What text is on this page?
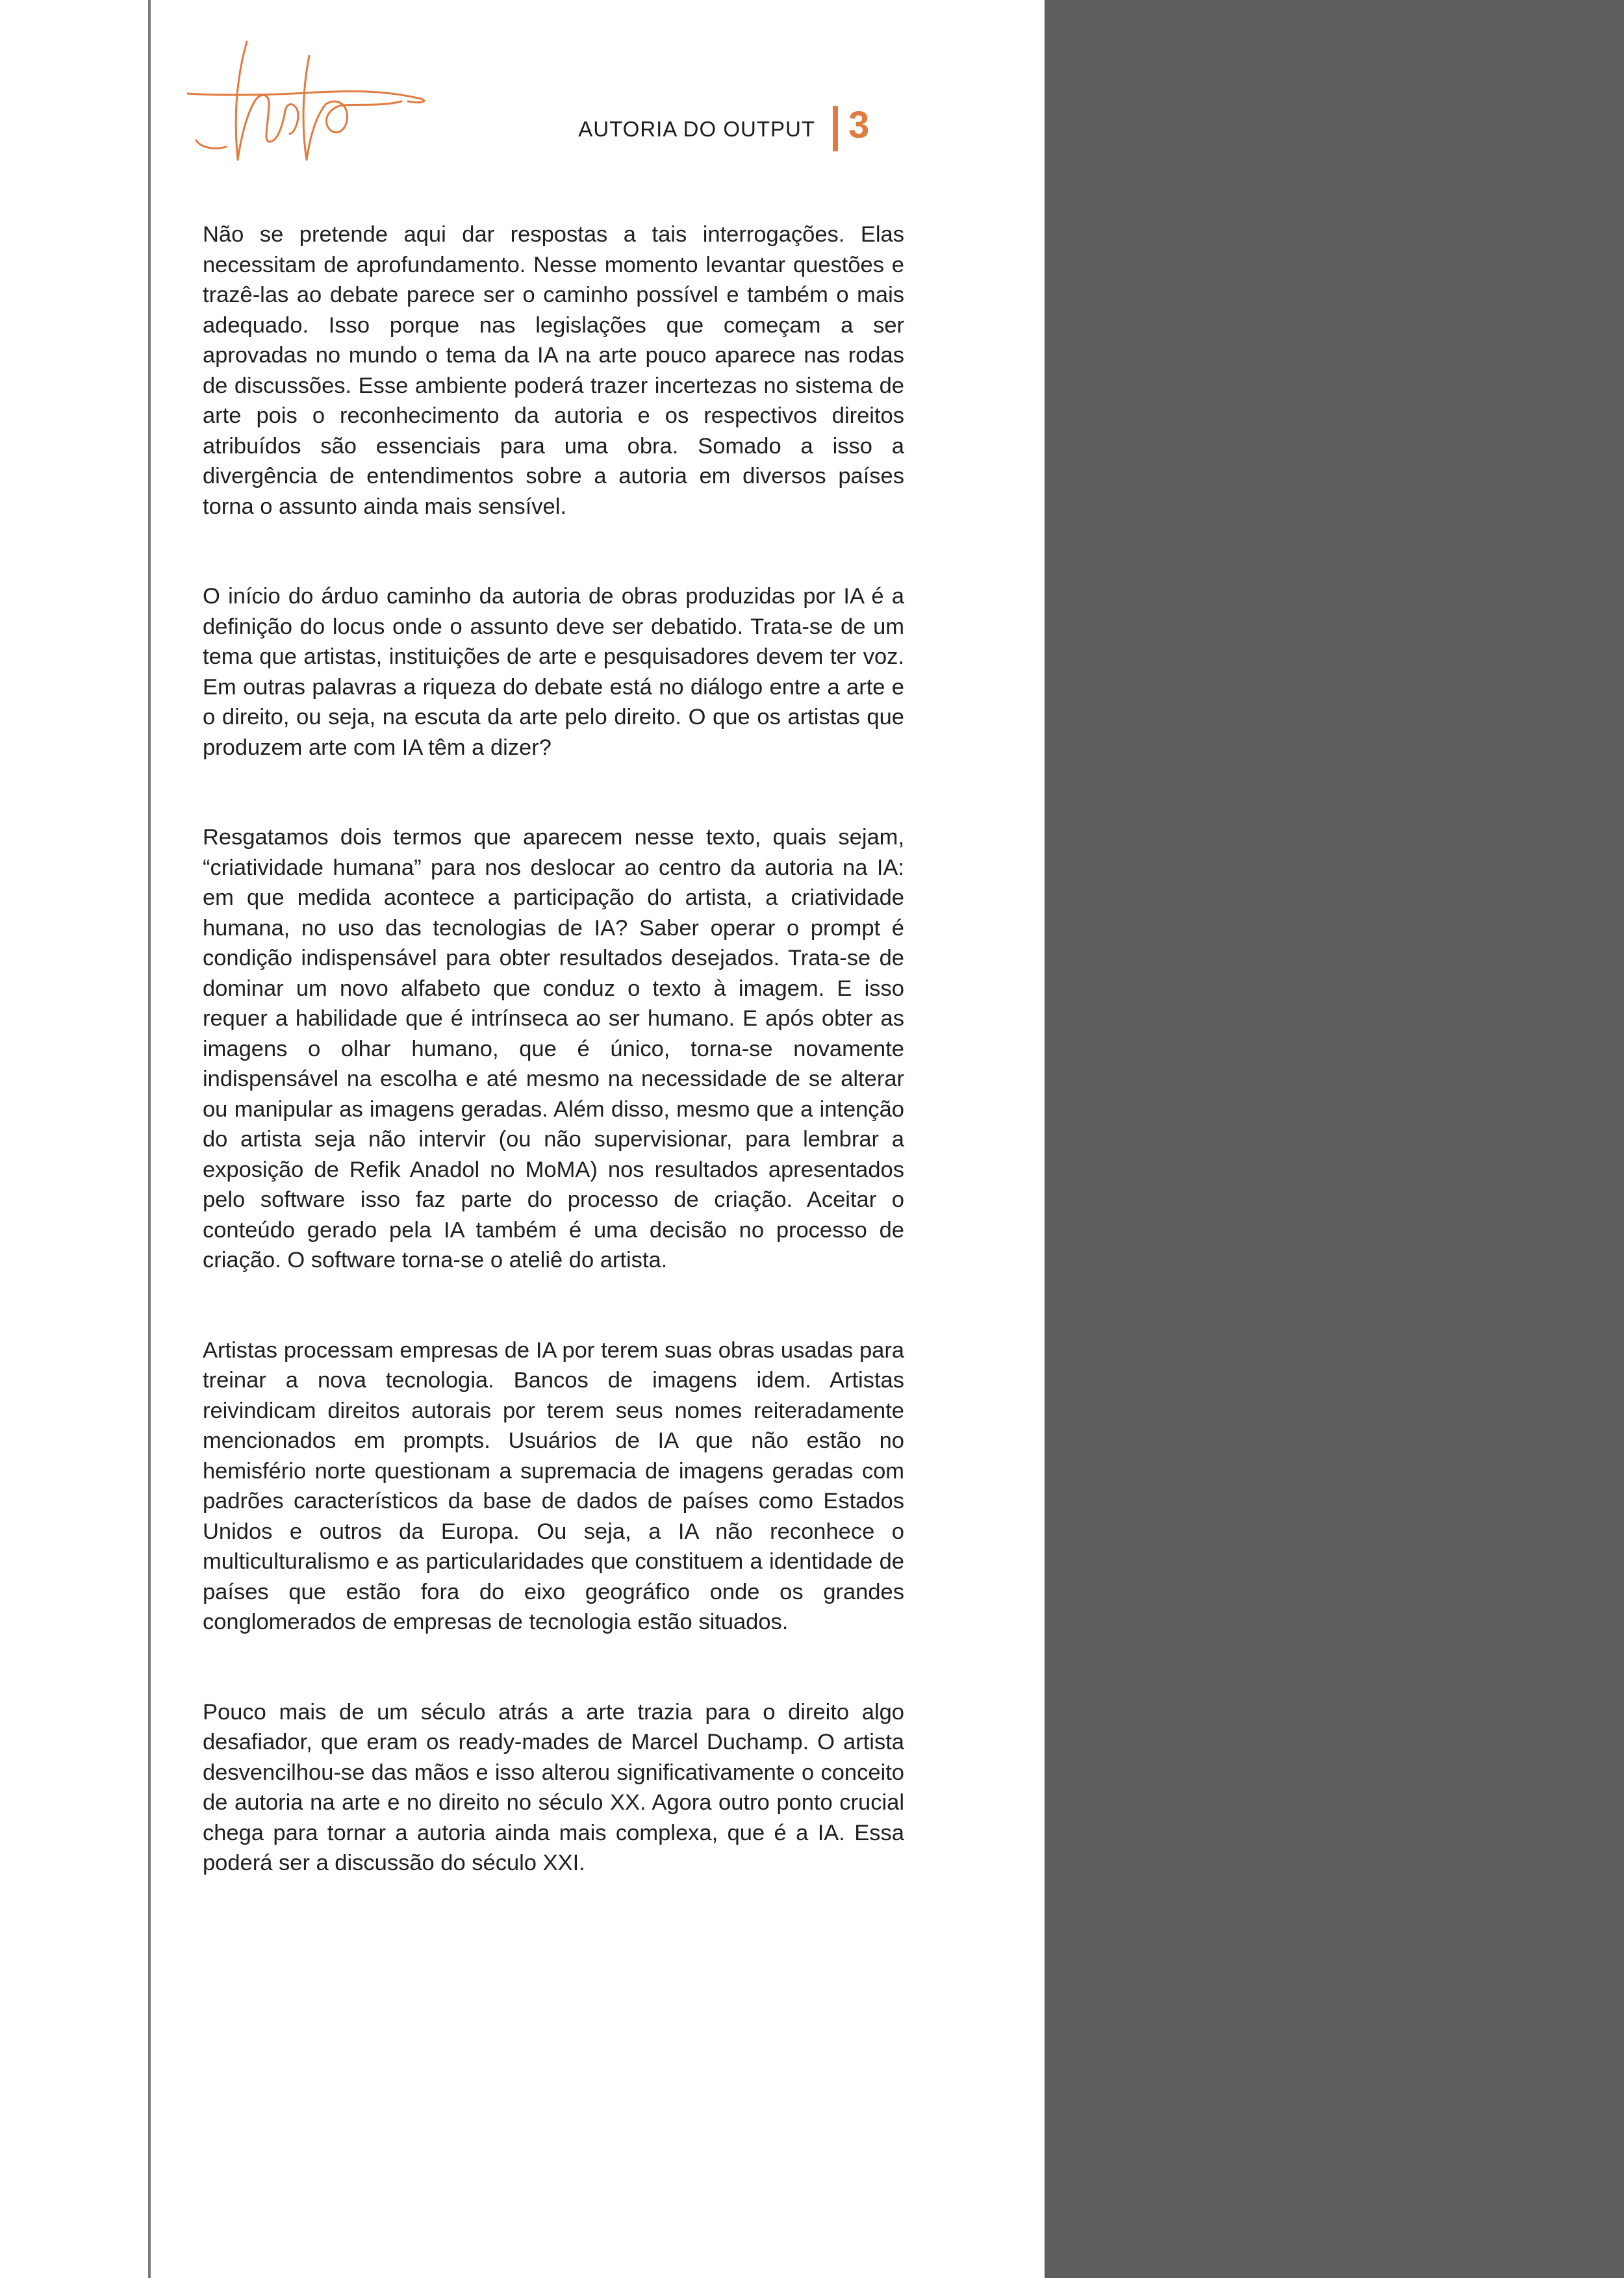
AUTORIA DO OUTPUT 3

Não se pretende aqui dar respostas a tais interrogações. Elas necessitam de aprofundamento. Nesse momento levantar questões e trazê-las ao debate parece ser o caminho possível e também o mais adequado. Isso porque nas legislações que começam a ser aprovadas no mundo o tema da IA na arte pouco aparece nas rodas de discussões. Esse ambiente poderá trazer incertezas no sistema de arte pois o reconhecimento da autoria e os respectivos direitos atribuídos são essenciais para uma obra. Somado a isso a divergência de entendimentos sobre a autoria em diversos países torna o assunto ainda mais sensível.

O início do árduo caminho da autoria de obras produzidas por IA é a definição do locus onde o assunto deve ser debatido. Trata-se de um tema que artistas, instituições de arte e pesquisadores devem ter voz. Em outras palavras a riqueza do debate está no diálogo entre a arte e o direito, ou seja, na escuta da arte pelo direito. O que os artistas que produzem arte com IA têm a dizer?

Resgatamos dois termos que aparecem nesse texto, quais sejam, “criatividade humana” para nos deslocar ao centro da autoria na IA: em que medida acontece a participação do artista, a criatividade humana, no uso das tecnologias de IA? Saber operar o prompt é condição indispensável para obter resultados desejados. Trata-se de dominar um novo alfabeto que conduz o texto à imagem. E isso requer a habilidade que é intrínseca ao ser humano. E após obter as imagens o olhar humano, que é único, torna-se novamente indispensável na escolha e até mesmo na necessidade de se alterar ou manipular as imagens geradas. Além disso, mesmo que a intenção do artista seja não intervir (ou não supervisionar, para lembrar a exposição de Refik Anadol no MoMA) nos resultados apresentados pelo software isso faz parte do processo de criação. Aceitar o conteúdo gerado pela IA também é uma decisão no processo de criação. O software torna-se o ateliê do artista.

Artistas processam empresas de IA por terem suas obras usadas para treinar a nova tecnologia. Bancos de imagens idem. Artistas reivindicam direitos autorais por terem seus nomes reiteradamente mencionados em prompts. Usuários de IA que não estão no hemisfério norte questionam a supremacia de imagens geradas com padrões característicos da base de dados de países como Estados Unidos e outros da Europa. Ou seja, a IA não reconhece o multiculturalismo e as particularidades que constituem a identidade de países que estão fora do eixo geográfico onde os grandes conglomerados de empresas de tecnologia estão situados.

Pouco mais de um século atrás a arte trazia para o direito algo desafiador, que eram os ready-mades de Marcel Duchamp. O artista desvencilhou-se das mãos e isso alterou significativamente o conceito de autoria na arte e no direito no século XX. Agora outro ponto crucial chega para tornar a autoria ainda mais complexa, que é a IA. Essa poderá ser a discussão do século XXI.
